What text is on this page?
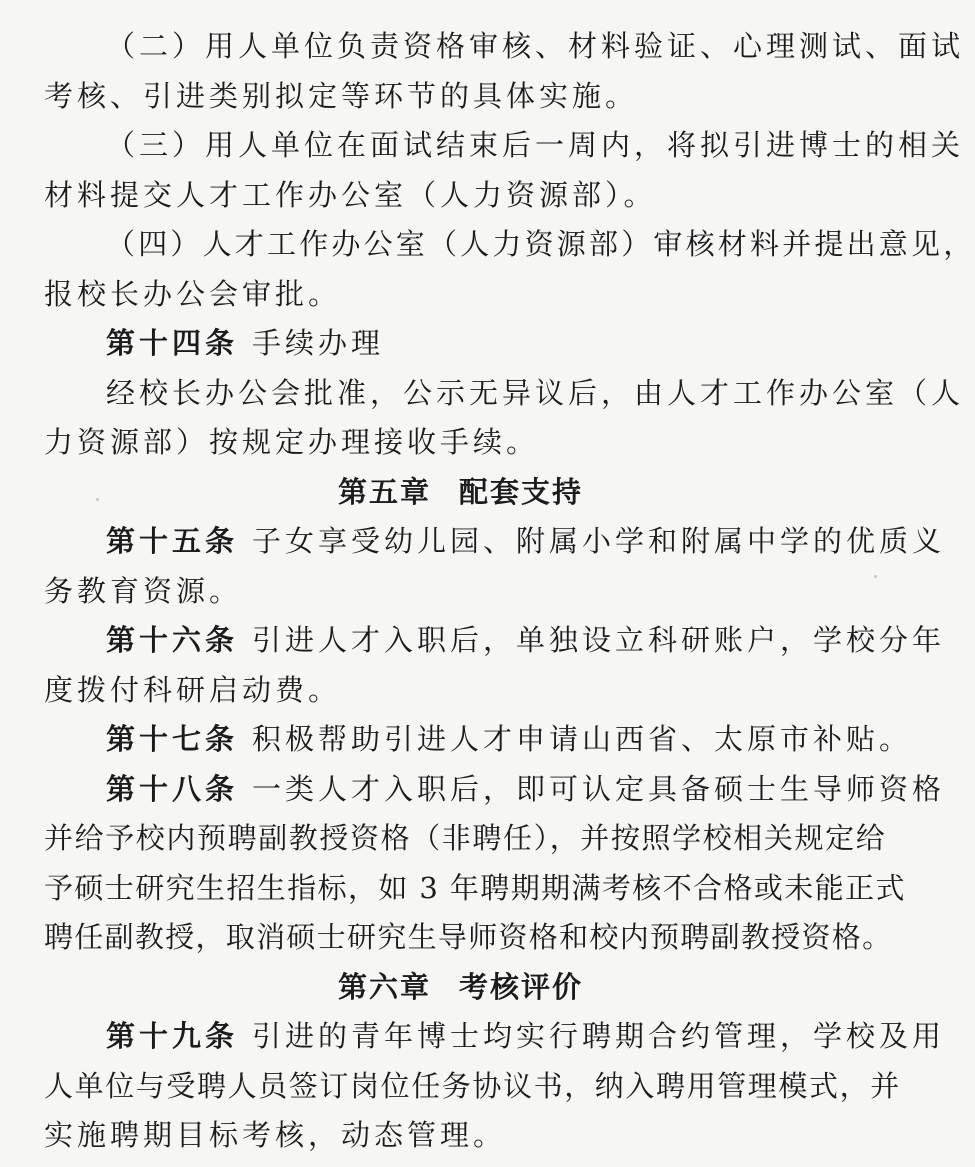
（二）用人单位负责资格审核、材料验证、心理测试、面试
考核、引进类别拟定等环节的具体实施。
（三）用人单位在面试结束后一周内，将拟引进博士的相关
材料提交人才工作办公室（人力资源部）。
（四）人才工作办公室（人力资源部）审核材料并提出意见，
报校长办公会审批。
第十四条 手续办理
经校长办公会批准，公示无异议后，由人才工作办公室（人
力资源部）按规定办理接收手续。
第五章 配套支持
第十五条 子女享受幼儿园、附属小学和附属中学的优质义
务教育资源。
第十六条 引进人才入职后，单独设立科研账户，学校分年
度拨付科研启动费。
第十七条 积极帮助引进人才申请山西省、太原市补贴。
第十八条 一类人才入职后，即可认定具备硕士生导师资格
并给予校内预聘副教授资格（非聘任），并按照学校相关规定给
予硕士研究生招生指标，如 3 年聘期期满考核不合格或未能正式
聘任副教授，取消硕士研究生导师资格和校内预聘副教授资格。
第六章 考核评价
第十九条 引进的青年博士均实行聘期合约管理，学校及用
人单位与受聘人员签订岗位任务协议书，纳入聘用管理模式，并
实施聘期目标考核，动态管理。
